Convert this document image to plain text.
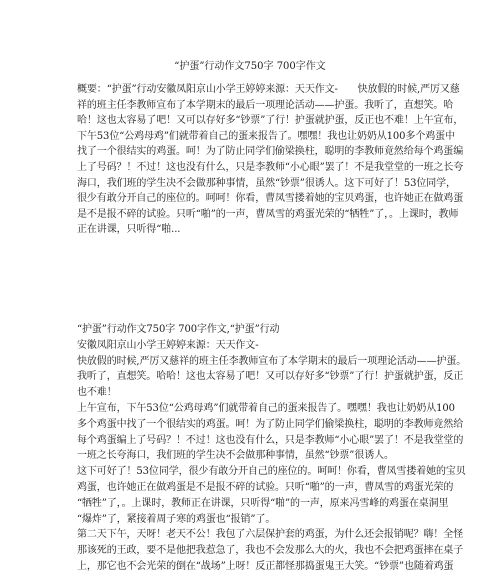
“护蛋”行动作文750字 700字作文
概要：“护蛋”行动安徽凤阳京山小学王婷婷来源：天天作文-　　快放假的时候,严厉又慈
祥的班主任李教师宣布了本学期末的最后一项理论活动——护蛋。我听了，直想笑。哈
哈！这也太容易了吧！又可以存好多“钞票”了行！护蛋就护蛋，反正也不难！上午宣布，
下午53位“公鸡母鸡”们就带着自己的蛋来报告了。嘿嘿！我也让奶奶从100多个鸡蛋中
找了一个很结实的鸡蛋。呵！为了防止同学们偷梁换柱，聪明的李教师竟然给每个鸡蛋编
上了号码？！不过！这也没有什么，只是李教师“小心眼”罢了！不是我堂堂的一班之长夸
海口，我们班的学生决不会做那种事情，虽然“钞票”很诱人。这下可好了！53位同学，
很少有敢分开自己的座位的。呵呵！你看，曹凤雪搂着她的宝贝鸡蛋，也许她正在做鸡蛋
是不是报不碎的试验。只听“啪”的一声，曹凤雪的鸡蛋光荣的“牺牲”了，。上课时，教师
正在讲课，只听得“啪...
“护蛋”行动作文750字 700字作文,“护蛋”行动
安徽凤阳京山小学王婷婷来源：天天作文-
快放假的时候,严厉又慈祥的班主任李教师宣布了本学期末的最后一项理论活动——护蛋。
我听了，直想笑。哈哈！这也太容易了吧！又可以存好多“钞票”了行！护蛋就护蛋，反正
也不难！
上午宣布，下午53位“公鸡母鸡”们就带着自己的蛋来报告了。嘿嘿！我也让奶奶从100
多个鸡蛋中找了一个很结实的鸡蛋。呵！为了防止同学们偷梁换柱，聪明的李教师竟然给
每个鸡蛋编上了号码？！不过！这也没有什么，只是李教师“小心眼”罢了！不是我堂堂的
一班之长夸海口，我们班的学生决不会做那种事情，虽然“钞票”很诱人。
这下可好了！53位同学，很少有敢分开自己的座位的。呵呵！你看，曹凤雪搂着她的宝贝
鸡蛋，也许她正在做鸡蛋是不是报不碎的试验。只听“啪”的一声，曹凤雪的鸡蛋光荣的
“牺牲”了，。上课时，教师正在讲课，只听得“啪”的一声，原来冯雪峰的鸡蛋在桌洞里
“爆炸”了，紧接着周子寒的鸡蛋也“报销”了。
第二天下午，天呀！老天不公！我包了六层保护套的鸡蛋，为什么还会报销呢？嗨！全怪
那该死的王政，要不是他把我惹急了，我也不会发那么大的火，我也不会把鸡蛋摔在桌子
上，那它也不会光荣的倒在“战场”上呀！反正都怪那捣蛋鬼王大笑。“钞票”也随着鸡蛋
